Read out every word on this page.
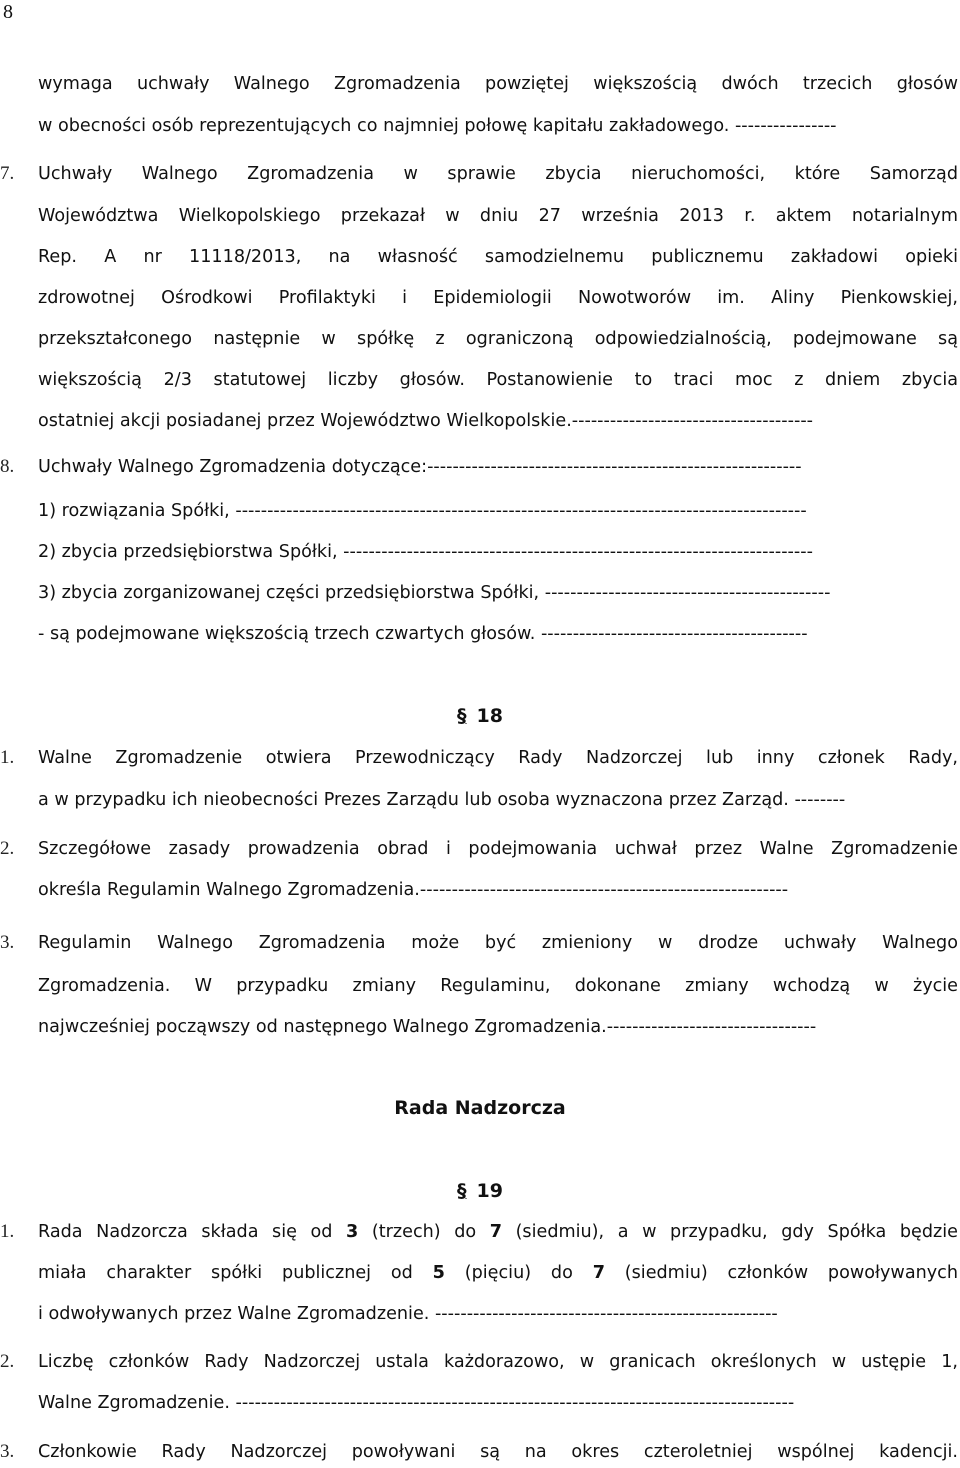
8
wymaga uchwały Walnego Zgromadzenia powziętej większością dwóch trzecich głosów
w obecności osób reprezentujących co najmniej połowę kapitału zakładowego. ----------------
7.	Uchwały Walnego Zgromadzenia w sprawie zbycia nieruchomości, które Samorząd
Województwa Wielkopolskiego przekazał w dniu 27 września 2013 r. aktem notarialnym
Rep. A nr 11118/2013, na własność samodzielnemu publicznemu zakładowi opieki
zdrowotnej Ośrodkowi Profilaktyki i Epidemiologii Nowotworów im. Aliny Pienkowskiej,
przekształconego następnie w spółkę z ograniczoną odpowiedzialnością, podejmowane są
większością 2/3 statutowej liczby głosów. Postanowienie to traci moc z dniem zbycia
ostatniej akcji posiadanej przez Województwo Wielkopolskie.--------------------------------------
8.	Uchwały Walnego Zgromadzenia dotyczące:-----------------------------------------------------------
1) rozwiązania Spółki, ------------------------------------------------------------------------------------------
2) zbycia przedsiębiorstwa Spółki, --------------------------------------------------------------------------
3) zbycia zorganizowanej części przedsiębiorstwa Spółki, ---------------------------------------------
- są podejmowane większością trzech czwartych głosów. ------------------------------------------
§ 18
1.	Walne Zgromadzenie otwiera Przewodniczący Rady Nadzorczej lub inny członek Rady,
a w przypadku ich nieobecności Prezes Zarządu lub osoba wyznaczona przez Zarząd. --------
2.	Szczegółowe zasady prowadzenia obrad i podejmowania uchwał przez Walne Zgromadzenie
określa Regulamin Walnego Zgromadzenia.----------------------------------------------------------
3.	Regulamin Walnego Zgromadzenia może być zmieniony w drodze uchwały Walnego
Zgromadzenia. W przypadku zmiany Regulaminu, dokonane zmiany wchodzą w życie
najwcześniej począwszy od następnego Walnego Zgromadzenia.---------------------------------
Rada Nadzorcza
§ 19
1.	Rada Nadzorcza składa się od 3 (trzech) do 7 (siedmiu), a w przypadku, gdy Spółka będzie
miała charakter spółki publicznej od 5 (pięciu) do 7 (siedmiu) członków powoływanych
i odwoływanych przez Walne Zgromadzenie. ------------------------------------------------------
2.	Liczbę członków Rady Nadzorczej ustala każdorazowo, w granicach określonych w ustępie 1,
Walne Zgromadzenie. ----------------------------------------------------------------------------------------
3.	Członkowie Rady Nadzorczej powoływani są na okres czteroletniej wspólnej kadencji.
